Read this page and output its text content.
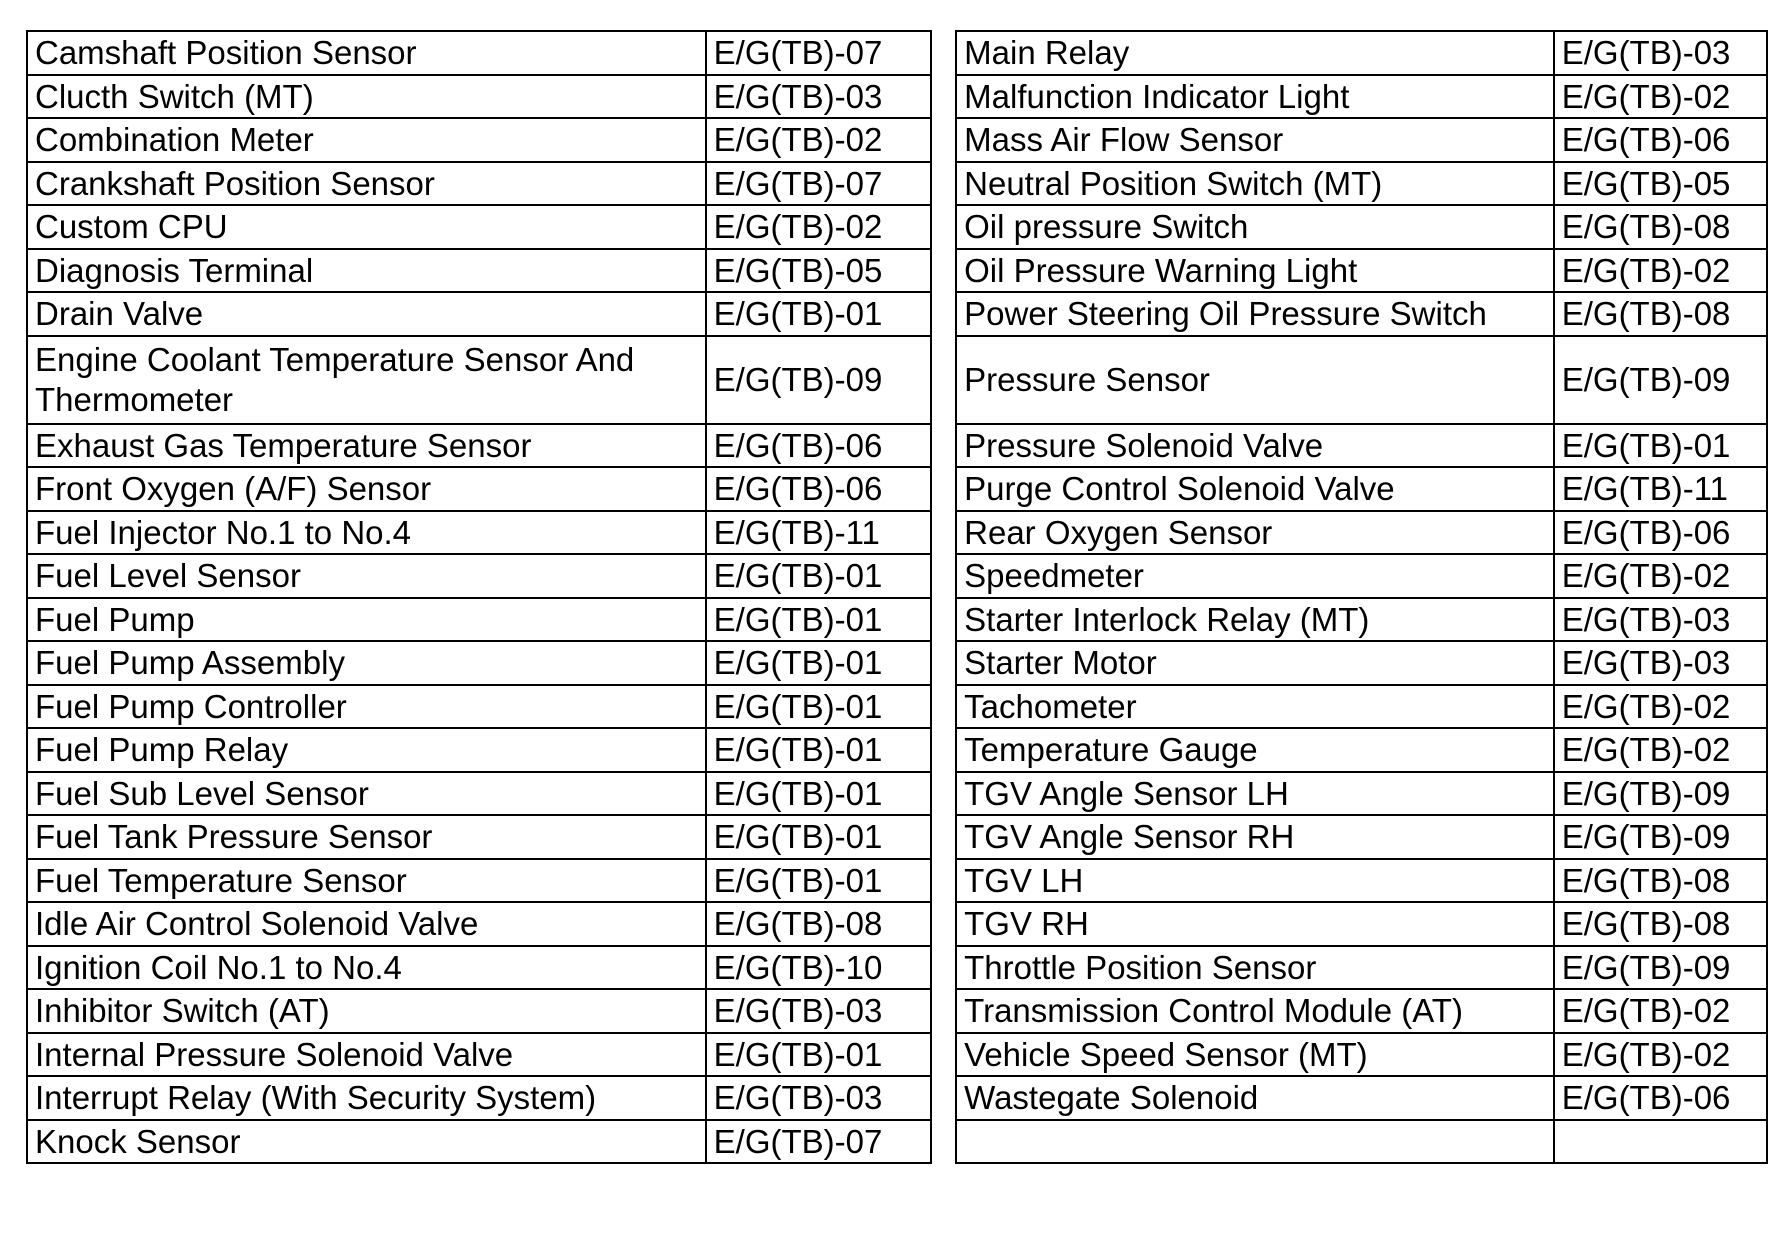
Camshaft Position Sensor	E/G(TB)-07		Main Relay	E/G(TB)-03
Clucth Switch (MT)	E/G(TB)-03		Malfunction Indicator Light	E/G(TB)-02
Combination Meter	E/G(TB)-02		Mass Air Flow Sensor	E/G(TB)-06
Crankshaft Position Sensor	E/G(TB)-07		Neutral Position Switch (MT)	E/G(TB)-05
Custom CPU	E/G(TB)-02		Oil pressure Switch	E/G(TB)-08
Diagnosis Terminal	E/G(TB)-05		Oil Pressure Warning Light	E/G(TB)-02
Drain Valve	E/G(TB)-01		Power Steering Oil Pressure Switch	E/G(TB)-08
Engine Coolant Temperature Sensor And Thermometer	E/G(TB)-09		Pressure Sensor	E/G(TB)-09
Exhaust Gas Temperature Sensor	E/G(TB)-06		Pressure Solenoid Valve	E/G(TB)-01
Front Oxygen (A/F) Sensor	E/G(TB)-06		Purge Control Solenoid Valve	E/G(TB)-11
Fuel Injector No.1 to No.4	E/G(TB)-11		Rear Oxygen Sensor	E/G(TB)-06
Fuel Level Sensor	E/G(TB)-01		Speedmeter	E/G(TB)-02
Fuel Pump	E/G(TB)-01		Starter Interlock Relay (MT)	E/G(TB)-03
Fuel Pump Assembly	E/G(TB)-01		Starter Motor	E/G(TB)-03
Fuel Pump Controller	E/G(TB)-01		Tachometer	E/G(TB)-02
Fuel Pump Relay	E/G(TB)-01		Temperature Gauge	E/G(TB)-02
Fuel Sub Level Sensor	E/G(TB)-01		TGV Angle Sensor LH	E/G(TB)-09
Fuel Tank Pressure Sensor	E/G(TB)-01		TGV Angle Sensor RH	E/G(TB)-09
Fuel Temperature Sensor	E/G(TB)-01		TGV LH	E/G(TB)-08
Idle Air Control Solenoid Valve	E/G(TB)-08		TGV RH	E/G(TB)-08
Ignition Coil No.1 to No.4	E/G(TB)-10		Throttle Position Sensor	E/G(TB)-09
Inhibitor Switch (AT)	E/G(TB)-03		Transmission Control Module (AT)	E/G(TB)-02
Internal Pressure Solenoid Valve	E/G(TB)-01		Vehicle Speed Sensor (MT)	E/G(TB)-02
Interrupt Relay (With Security System)	E/G(TB)-03		Wastegate Solenoid	E/G(TB)-06
Knock Sensor	E/G(TB)-07			
